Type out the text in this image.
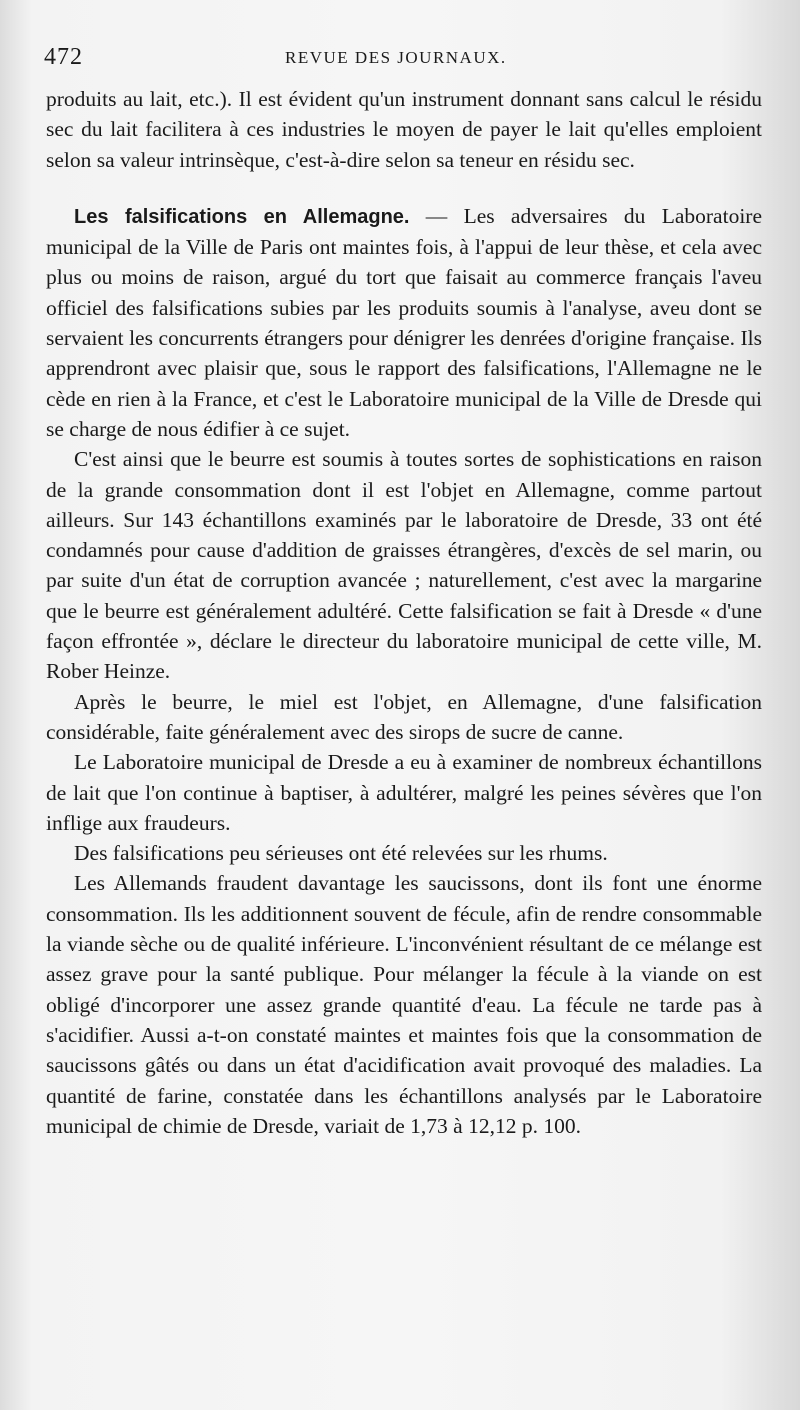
472	REVUE DES JOURNAUX.

produits au lait, etc.). Il est évident qu'un instrument donnant sans calcul le résidu sec du lait facilitera à ces industries le moyen de payer le lait qu'elles emploient selon sa valeur intrinsèque, c'est-à-dire selon sa teneur en résidu sec.

Les falsifications en Allemagne. — Les adversaires du Laboratoire municipal de la Ville de Paris ont maintes fois, à l'appui de leur thèse, et cela avec plus ou moins de raison, argué du tort que faisait au commerce français l'aveu officiel des falsifications subies par les produits soumis à l'analyse, aveu dont se servaient les concurrents étrangers pour dénigrer les denrées d'origine française. Ils apprendront avec plaisir que, sous le rapport des falsifications, l'Allemagne ne le cède en rien à la France, et c'est le Laboratoire municipal de la Ville de Dresde qui se charge de nous édifier à ce sujet.

C'est ainsi que le beurre est soumis à toutes sortes de sophistications en raison de la grande consommation dont il est l'objet en Allemagne, comme partout ailleurs. Sur 143 échantillons examinés par le laboratoire de Dresde, 33 ont été condamnés pour cause d'addition de graisses étrangères, d'excès de sel marin, ou par suite d'un état de corruption avancée ; naturellement, c'est avec la margarine que le beurre est généralement adultéré. Cette falsification se fait à Dresde « d'une façon effrontée », déclare le directeur du laboratoire municipal de cette ville, M. Rober Heinze.

Après le beurre, le miel est l'objet, en Allemagne, d'une falsification considérable, faite généralement avec des sirops de sucre de canne.

Le Laboratoire municipal de Dresde a eu à examiner de nombreux échantillons de lait que l'on continue à baptiser, à adultérer, malgré les peines sévères que l'on inflige aux fraudeurs.

Des falsifications peu sérieuses ont été relevées sur les rhums.

Les Allemands fraudent davantage les saucissons, dont ils font une énorme consommation. Ils les additionnent souvent de fécule, afin de rendre consommable la viande sèche ou de qualité inférieure. L'inconvénient résultant de ce mélange est assez grave pour la santé publique. Pour mélanger la fécule à la viande on est obligé d'incorporer une assez grande quantité d'eau. La fécule ne tarde pas à s'acidifier. Aussi a-t-on constaté maintes et maintes fois que la consommation de saucissons gâtés ou dans un état d'acidification avait provoqué des maladies. La quantité de farine, constatée dans les échantillons analysés par le Laboratoire municipal de chimie de Dresde, variait de 1,73 à 12,12 p. 100.
